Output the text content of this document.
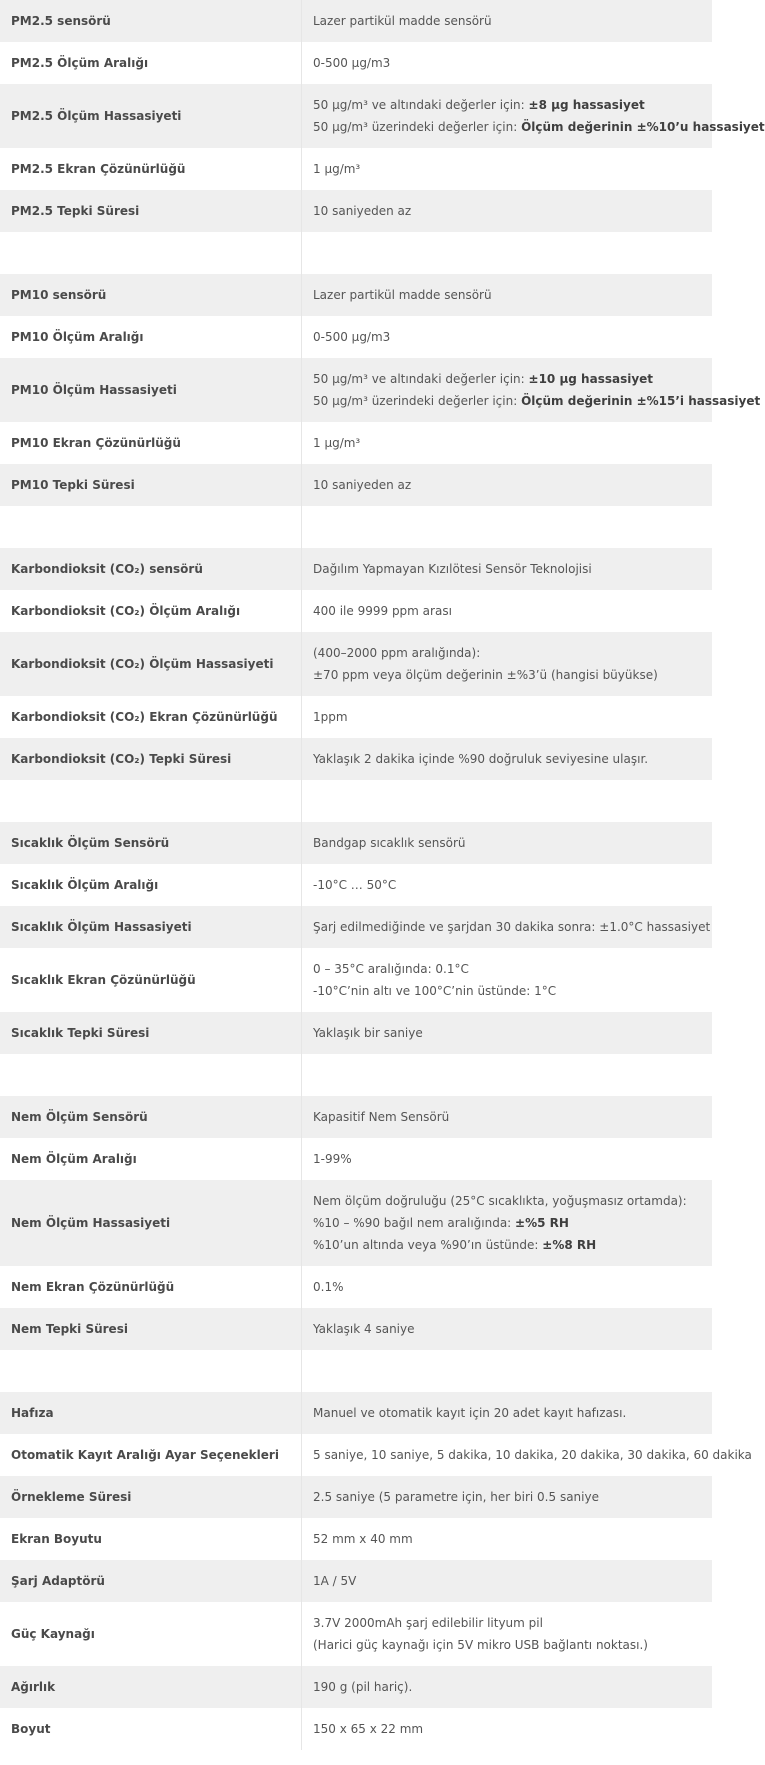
PM2.5 sensörü	Lazer partikül madde sensörü

PM2.5 Ölçüm Aralığı	0-500 μg/m3

PM2.5 Ölçüm Hassasiyeti	50 μg/m³ ve altındaki değerler için: ±8 μg hassasiyet
50 μg/m³ üzerindeki değerler için: Ölçüm değerinin ±%10’u hassasiyet

PM2.5 Ekran Çözünürlüğü	1 μg/m³

PM2.5 Tepki Süresi	10 saniyeden az

PM10 sensörü	Lazer partikül madde sensörü

PM10 Ölçüm Aralığı	0-500 μg/m3

PM10 Ölçüm Hassasiyeti	50 μg/m³ ve altındaki değerler için: ±10 μg hassasiyet
50 μg/m³ üzerindeki değerler için: Ölçüm değerinin ±%15’i hassasiyet

PM10 Ekran Çözünürlüğü	1 μg/m³

PM10 Tepki Süresi	10 saniyeden az

Karbondioksit (CO₂) sensörü	Dağılım Yapmayan Kızılötesi Sensör Teknolojisi

Karbondioksit (CO₂) Ölçüm Aralığı	400 ile 9999 ppm arası

Karbondioksit (CO₂) Ölçüm Hassasiyeti	(400–2000 ppm aralığında):
±70 ppm veya ölçüm değerinin ±%3’ü (hangisi büyükse)

Karbondioksit (CO₂) Ekran Çözünürlüğü	1ppm

Karbondioksit (CO₂) Tepki Süresi	Yaklaşık 2 dakika içinde %90 doğruluk seviyesine ulaşır.

Sıcaklık Ölçüm Sensörü	Bandgap sıcaklık sensörü

Sıcaklık Ölçüm Aralığı	-10°C … 50°C

Sıcaklık Ölçüm Hassasiyeti	Şarj edilmediğinde ve şarjdan 30 dakika sonra: ±1.0°C hassasiyet

Sıcaklık Ekran Çözünürlüğü	0 – 35°C aralığında: 0.1°C
-10°C’nin altı ve 100°C’nin üstünde: 1°C

Sıcaklık Tepki Süresi	Yaklaşık bir saniye

Nem Ölçüm Sensörü	Kapasitif Nem Sensörü

Nem Ölçüm Aralığı	1-99%

Nem Ölçüm Hassasiyeti	Nem ölçüm doğruluğu (25°C sıcaklıkta, yoğuşmasız ortamda):
%10 – %90 bağıl nem aralığında: ±%5 RH
%10’un altında veya %90’ın üstünde: ±%8 RH

Nem Ekran Çözünürlüğü	0.1%

Nem Tepki Süresi	Yaklaşık 4 saniye

Hafıza	Manuel ve otomatik kayıt için 20 adet kayıt hafızası.

Otomatik Kayıt Aralığı Ayar Seçenekleri	5 saniye, 10 saniye, 5 dakika, 10 dakika, 20 dakika, 30 dakika, 60 dakika

Örnekleme Süresi	2.5 saniye (5 parametre için, her biri 0.5 saniye

Ekran Boyutu	52 mm x 40 mm

Şarj Adaptörü	1A / 5V

Güç Kaynağı	3.7V 2000mAh şarj edilebilir lityum pil
(Harici güç kaynağı için 5V mikro USB bağlantı noktası.)

Ağırlık	190 g (pil hariç).

Boyut	150 x 65 x 22 mm
